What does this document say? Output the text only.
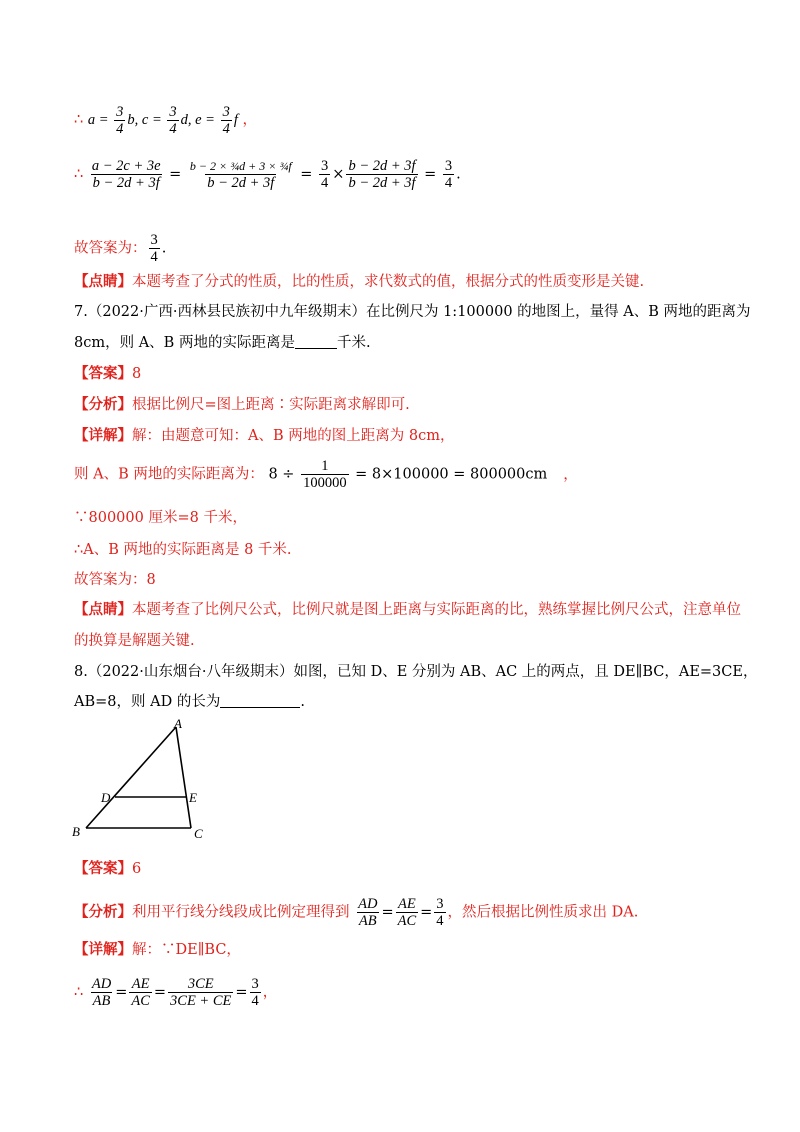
∴ $a = \frac{3}{4} b$, $c = \frac{3}{4} d$, $e = \frac{3}{4}$ f ，
∴ $\frac{a - 2c + 3e}{b - 2d + 3f} = \frac{\text{b − 2 × ¾d + 3 × ¾f}}{b - 2d + 3f} = \frac{3}{4} \times \frac{b - 2d + 3f}{b - 2d + 3f} = \frac{3}{4}$ .
故答案为： $\frac{3}{4}$ .
【点睛】本题考查了分式的性质，比的性质，求代数式的值，根据分式的性质变形是关键.
7.（2022·广西·西林县民族初中九年级期末）在比例尺为 1:100000 的地图上，量得 A、B 两地的距离为
8cm，则 A、B 两地的实际距离是	千米.
【答案】8
【分析】根据比例尺=图上距离∶实际距离求解即可.
【详解】解：由题意可知：A、B 两地的图上距离为 8cm，
则 A、B 两地的实际距离为： $8 \div \frac{1}{100000} = 8\times 100000 = 800000cm$ ，
∵800000 厘米=8 千米，
∴A、B 两地的实际距离是 8 千米.
故答案为：8
【点睛】本题考查了比例尺公式，比例尺就是图上距离与实际距离的比，熟练掌握比例尺公式，注意单位
的换算是解题关键.
8.（2022·山东烟台·八年级期末）如图，已知 D、E 分别为 AB、AC 上的两点，且 DE∥BC，AE=3CE，
AB=8，则 AD 的长为	.
A
B	C
D	E
【答案】6
【分析】利用平行线分线段成比例定理得到 $\frac{AD}{AB} = \frac{AE}{AC} = \frac{3}{4}$ ，然后根据比例性质求出 DA.
【详解】解：∵DE∥BC，
∴ $\frac{AD}{AB} = \frac{AE}{AC} = \frac{3CE}{3CE + CE} = \frac{3}{4}$ ，
